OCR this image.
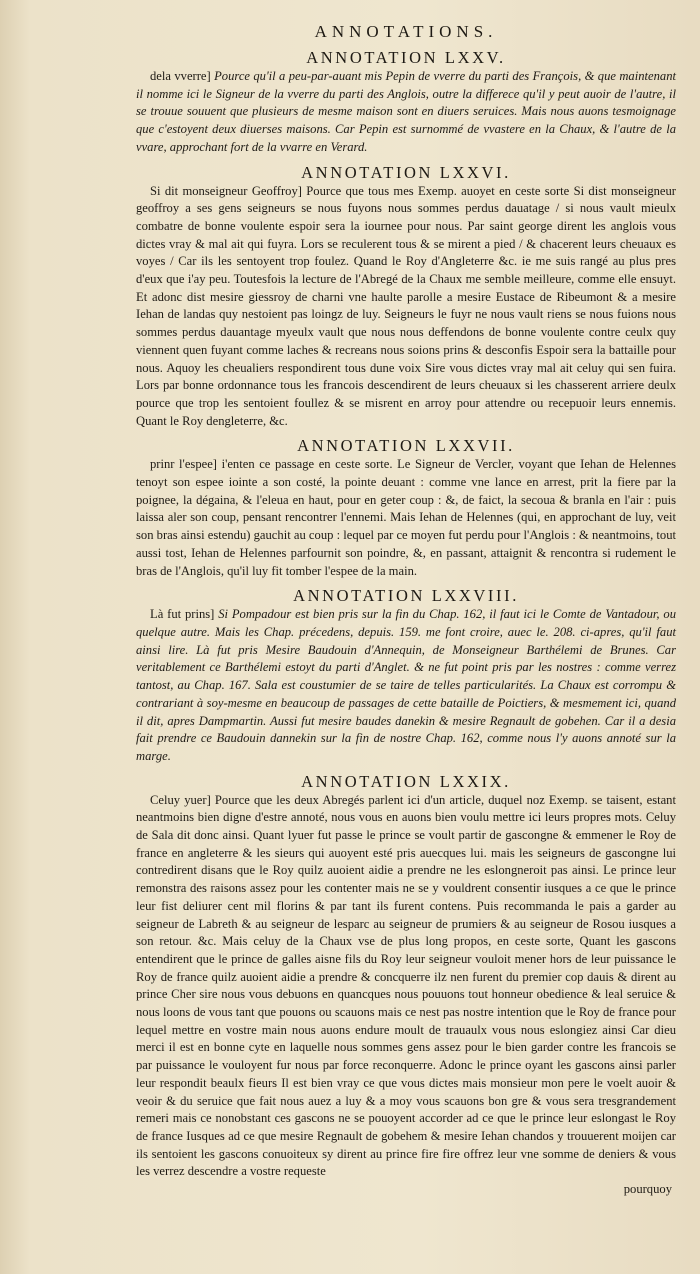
ANNOTATIONS.
ANNOTATION LXXV.

dela vverre] Pource qu'il a peu-par-auant mis Pepin de vverre du parti des François, & que maintenant il nomme ici le Signeur de la vverre du parti des Anglois, outre la differece qu'il y peut auoir de l'autre, il se trouue souuent que plusieurs de mesme maison sont en diuers seruices. Mais nous auons tesmoignage que c'estoyent deux diuerses maisons. Car Pepin est surnommé de vvastere en la Chaux, & l'autre de la vvare, approchant fort de la vvarre en Verard.

ANNOTATION LXXVI.

Si dit monseigneur Geoffroy] Pource que tous mes Exemp. auoyet en ceste sorte Si dist monseigneur geoffroy a ses gens seigneurs se nous fuyons nous sommes perdus dauatage / si nous vault mieulx combatre de bonne voulente espoir sera la iournee pour nous. Par saint george dirent les anglois vous dictes vray & mal ait qui fuyra. Lors se reculerent tous & se mirent a pied / & chacerent leurs cheuaux es voyes / Car ils les sentoyent trop foulez. Quand le Roy d'Angleterre &c. ie me suis rangé au plus pres d'eux que i'ay peu. Toutesfois la lecture de l'Abregé de la Chaux me semble meilleure, comme elle ensuyt. Et adonc dist mesire giessroy de charni vne haulte parolle a mesire Eustace de Ribeumont & a mesire Iehan de landas quy nestoient pas loingz de luy. Seigneurs le fuyr ne nous vault riens se nous fuions nous sommes perdus dauantage myeulx vault que nous nous deffendons de bonne voulente contre ceulx quy viennent quen fuyant comme laches & recreans nous soions prins & desconfis Espoir sera la battaille pour nous. Aquoy les cheualiers respondirent tous dune voix Sire vous dictes vray mal ait celuy qui sen fuira. Lors par bonne ordonnance tous les francois descendirent de leurs cheuaux si les chasserent arriere deulx pource que trop les sentoient foullez & se misrent en arroy pour attendre ou recepuoir leurs ennemis. Quant le Roy dengleterre, &c.

ANNOTATION LXXVII.

prinr l'espee] i'enten ce passage en ceste sorte. Le Signeur de Vercler, voyant que Iehan de Helennes tenoyt son espee iointe a son costé, la pointe deuant : comme vne lance en arrest, prit la fiere par la poignee, la dégaina, & l'eleua en haut, pour en geter coup : &, de faict, la secoua & branla en l'air : puis laissa aler son coup, pensant rencontrer l'ennemi. Mais Iehan de Helennes (qui, en approchant de luy, veit son bras ainsi estendu) gauchit au coup : lequel par ce moyen fut perdu pour l'Anglois : & neantmoins, tout aussi tost, Iehan de Helennes parfournit son poindre, &, en passant, attaignit & rencontra si rudement le bras de l'Anglois, qu'il luy fit tomber l'espee de la main.

ANNOTATION LXXVIII.

Là fut prins] Si Pompadour est bien pris sur la fin du Chap. 162, il faut ici le Comte de Vantadour, ou quelque autre. Mais les Chap. précedens, depuis. 159. me font croire, auec le. 208. ci-apres, qu'il faut ainsi lire. Là fut pris Mesire Baudouin d'Annequin, de Monseigneur Barthélemi de Brunes. Car veritablement ce Barthélemi estoyt du parti d'Anglet. & ne fut point pris par les nostres : comme verrez tantost, au Chap. 167. Sala est coustumier de se taire de telles particularités. La Chaux est corrompu & contrariant à soy-mesme en beaucoup de passages de cette bataille de Poictiers, & mesmement ici, quand il dit, apres Dampmartin. Aussi fut mesire baudes danekin & mesire Regnault de gobehen. Car il a desia fait prendre ce Baudouin dannekin sur la fin de nostre Chap. 162, comme nous l'y auons annoté sur la marge.

ANNOTATION LXXIX.

Celuy yuer] Pource que les deux Abregés parlent ici d'un article, duquel noz Exemp. se taisent, estant neantmoins bien digne d'estre annoté, nous vous en auons bien voulu mettre ici leurs propres mots. Celuy de Sala dit donc ainsi. Quant lyuer fut passe le prince se voult partir de gascongne & emmener le Roy de france en angleterre & les sieurs qui auoyent esté pris auecques lui. mais les seigneurs de gascongne lui contredirent disans que le Roy quilz auoient aidie a prendre ne les eslongneroit pas ainsi. Le prince leur remonstra des raisons assez pour les contenter mais ne se y vouldrent consentir iusques a ce que le prince leur fist deliurer cent mil florins & par tant ils furent contens. Puis recommanda le pais a garder au seigneur de Labreth & au seigneur de lesparc au seigneur de prumiers & au seigneur de Rosou iusques a son retour. &c. Mais celuy de la Chaux vse de plus long propos, en ceste sorte, Quant les gascons entendirent que le prince de galles aisne fils du Roy leur seigneur vouloit mener hors de leur puissance le Roy de france quilz auoient aidie a prendre & concquerre ilz nen furent du premier cop dauis & dirent au prince Cher sire nous vous debuons en quancques nous pouuons tout honneur obedience & leal seruice & nous loons de vous tant que pouons ou scauons mais ce nest pas nostre intention que le Roy de france pour lequel mettre en vostre main nous auons endure moult de trauaulx vous nous eslongiez ainsi Car dieu merci il est en bonne cyte en laquelle nous sommes gens assez pour le bien garder contre les francois se par puissance le vouloyent fur nous par force reconquerre. Adonc le prince oyant les gascons ainsi parler leur respondit beaulx fieurs Il est bien vray ce que vous dictes mais monsieur mon pere le voelt auoir & veoir & du seruice que fait nous auez a luy & a moy vous scauons bon gre & vous sera tresgrandement remeri mais ce nonobstant ces gascons ne se pouoyent accorder ad ce que le prince leur eslongast le Roy de france Iusques ad ce que mesire Regnault de gobehem & mesire Iehan chandos y trouuerent moijen car ils sentoient les gascons conuoiteux sy dirent au prince fire fire offrez leur vne somme de deniers & vous les verrez descendre a vostre requeste

pourquoy
